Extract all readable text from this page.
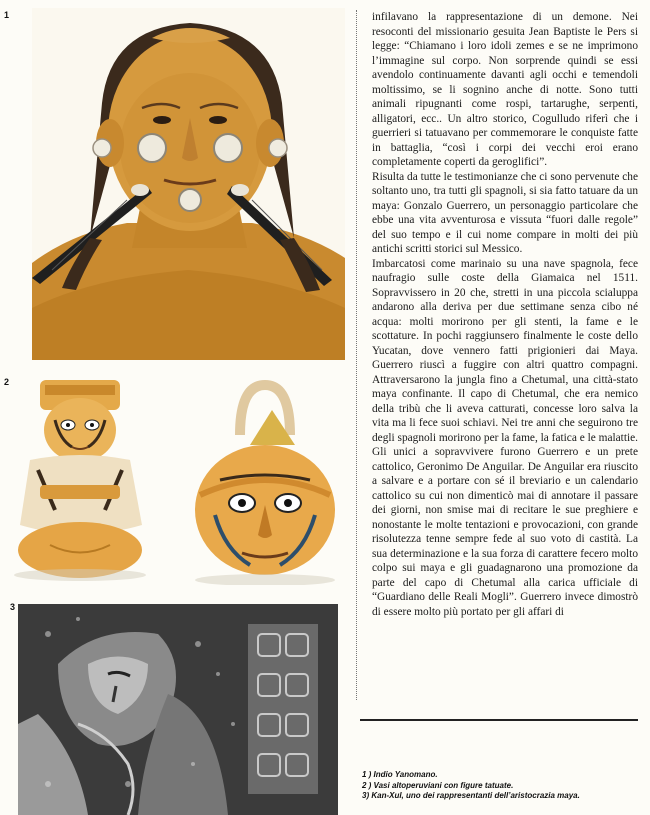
1
2
3

infilavano la rappresentazione di un demone. Nei resoconti del missionario gesuita Jean Baptiste le Pers si legge: “Chiamano i loro idoli zemes e se ne imprimono l’immagine sul corpo. Non sorprende quindi se essi avendolo continuamente davanti agli occhi e temendoli moltissimo, se li sognino anche di notte. Sono tutti animali ripugnanti come rospi, tartarughe, serpenti, alligatori, ecc.. Un altro storico, Cogulludo riferì che i guerrieri si tatuavano per commemorare le conquiste fatte in battaglia, “così i corpi dei vecchi eroi erano completamente coperti da geroglifici”.

Risulta da tutte le testimonianze che ci sono pervenute che soltanto uno, tra tutti gli spagnoli, si sia fatto tatuare da un maya: Gonzalo Guerrero, un personaggio particolare che ebbe una vita avventurosa e vissuta “fuori dalle regole” del suo tempo e il cui nome compare in molti dei più antichi scritti storici sul Messico.

Imbarcatosi come marinaio su una nave spagnola, fece naufragio sulle coste della Giamaica nel 1511. Sopravvissero in 20 che, stretti in una piccola scialuppa andarono alla deriva per due settimane senza cibo né acqua: molti morirono per gli stenti, la fame e le scottature. In pochi raggiunsero finalmente le coste dello Yucatan, dove vennero fatti prigionieri dai Maya. Guerrero riuscì a fuggire con altri quattro compagni. Attraversarono la jungla fino a Chetumal, una città-stato maya confinante. Il capo di Chetumal, che era nemico della tribù che li aveva catturati, concesse loro salva la vita ma li fece suoi schiavi. Nei tre anni che seguirono tre degli spagnoli morirono per la fame, la fatica e le malattie. Gli unici a sopravvivere furono Guerrero e un prete cattolico, Geronimo De Anguilar. De Anguilar era riuscito a salvare e a portare con sé il breviario e un calendario cattolico su cui non dimenticò mai di annotare il passare dei giorni, non smise mai di recitare le sue preghiere e nonostante le molte tentazioni e provocazioni, con grande risolutezza tenne sempre fede al suo voto di castità. La sua determinazione e la sua forza di carattere fecero molto colpo sui maya e gli guadagnarono una promozione da parte del capo di Chetumal alla carica ufficiale di “Guardiano delle Reali Mogli”. Guerrero invece dimostrò di essere molto più portato per gli affari di

1 ) Indio Yanomano.
2 ) Vasi altoperuviani con figure tatuate.
3) Kan-Xul, uno dei rappresentanti dell’aristocrazia maya.
